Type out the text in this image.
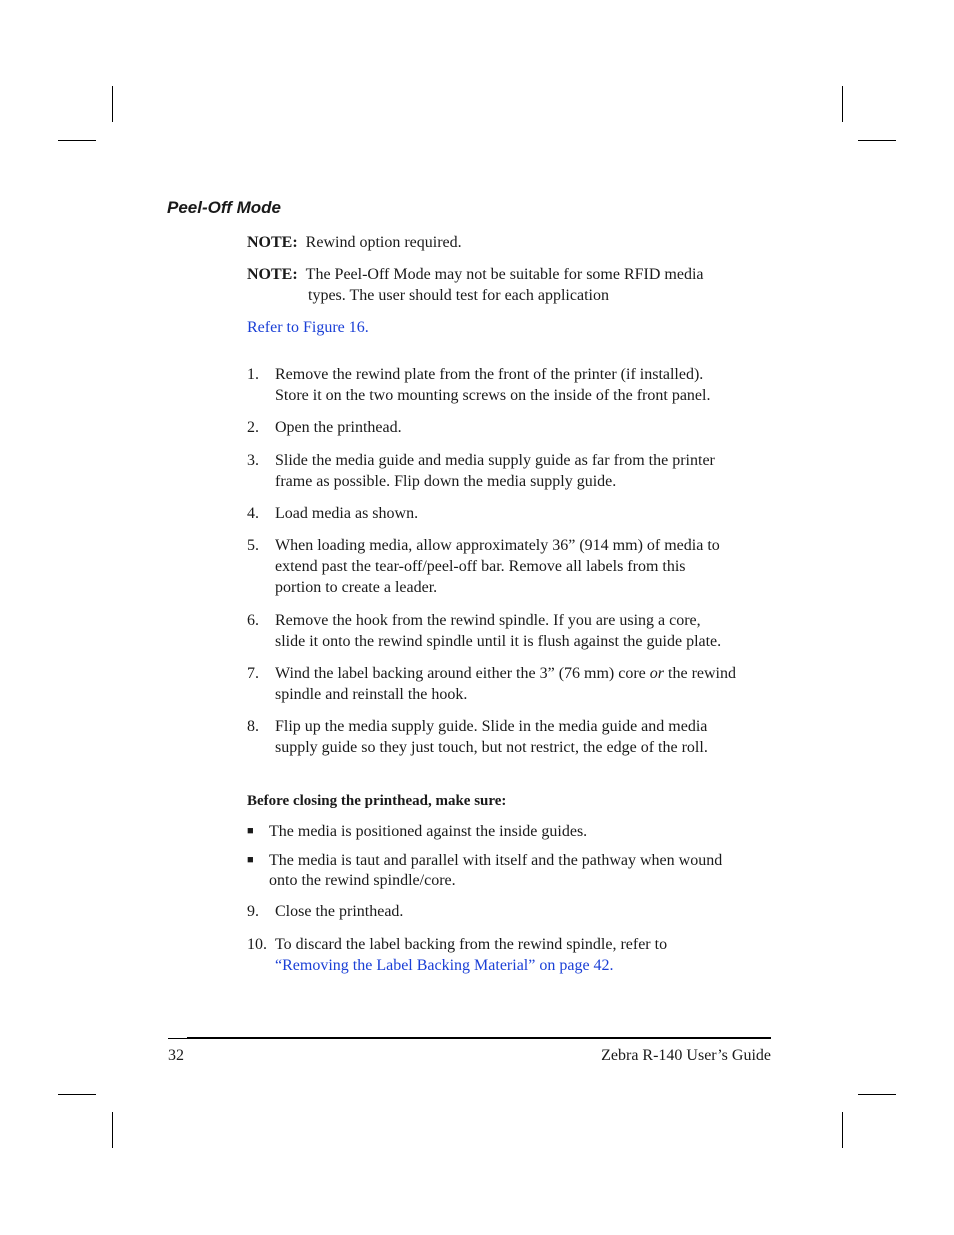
Peel-Off Mode
NOTE: Rewind option required.
NOTE: The Peel-Off Mode may not be suitable for some RFID media
types. The user should test for each application
Refer to Figure 16.
1. Remove the rewind plate from the front of the printer (if installed).
Store it on the two mounting screws on the inside of the front panel.
2. Open the printhead.
3. Slide the media guide and media supply guide as far from the printer
frame as possible. Flip down the media supply guide.
4. Load media as shown.
5. When loading media, allow approximately 36” (914 mm) of media to
extend past the tear-off/peel-off bar. Remove all labels from this
portion to create a leader.
6. Remove the hook from the rewind spindle. If you are using a core,
slide it onto the rewind spindle until it is flush against the guide plate.
7. Wind the label backing around either the 3” (76 mm) core or the rewind
spindle and reinstall the hook.
8. Flip up the media supply guide. Slide in the media guide and media
supply guide so they just touch, but not restrict, the edge of the roll.
Before closing the printhead, make sure:
■ The media is positioned against the inside guides.
■ The media is taut and parallel with itself and the pathway when wound
onto the rewind spindle/core.
9. Close the printhead.
10. To discard the label backing from the rewind spindle, refer to
“Removing the Label Backing Material” on page 42.
32	Zebra R-140 User’s Guide
